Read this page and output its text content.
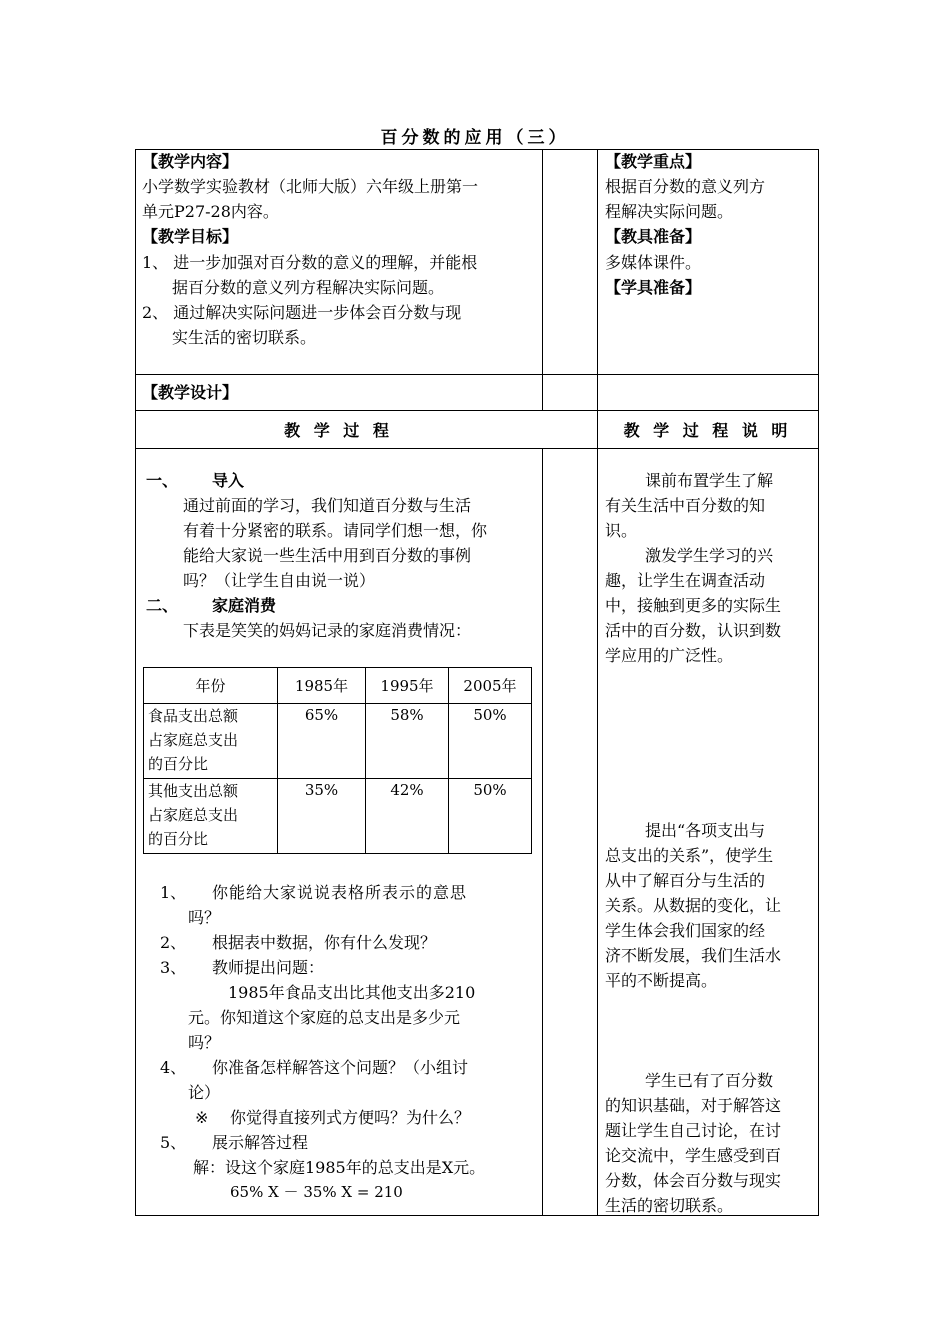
百分数的应用（三）
【教学内容】
小学数学实验教材（北师大版）六年级上册第一
单元P27-28内容。
【教学目标】
1、 进一步加强对百分数的意义的理解，并能根
据百分数的意义列方程解决实际问题。
2、 通过解决实际问题进一步体会百分数与现
实生活的密切联系。
【教学重点】
根据百分数的意义列方
程解决实际问题。
【教具准备】
多媒体课件。
【学具准备】
【教学设计】
教 学 过 程	教 学 过 程 说 明
一、 导入
通过前面的学习，我们知道百分数与生活
有着十分紧密的联系。请同学们想一想，你
能给大家说一些生活中用到百分数的事例
吗？（让学生自由说一说）
二、 家庭消费
下表是笑笑的妈妈记录的家庭消费情况：
年份	1985年	1995年	2005年

食品支出总额
占家庭总支出
的百分比	65%	58%	50%

其他支出总额
占家庭总支出
的百分比	35%	42%	50%
1、 你能给大家说说表格所表示的意思
吗？
2、 根据表中数据，你有什么发现？
3、 教师提出问题：
1985年食品支出比其他支出多210
元。你知道这个家庭的总支出是多少元
吗？
4、 你准备怎样解答这个问题？（小组讨
论）
※ 你觉得直接列式方便吗？为什么？
5、 展示解答过程
解：设这个家庭1985年的总支出是X元。
65% X － 35% X = 210
课前布置学生了解
有关生活中百分数的知
识。
激发学生学习的兴
趣，让学生在调查活动
中，接触到更多的实际生
活中的百分数，认识到数
学应用的广泛性。
提出“各项支出与
总支出的关系”，使学生
从中了解百分与生活的
关系。从数据的变化，让
学生体会我们国家的经
济不断发展，我们生活水
平的不断提高。
学生已有了百分数
的知识基础，对于解答这
题让学生自己讨论，在讨
论交流中，学生感受到百
分数，体会百分数与现实
生活的密切联系。
